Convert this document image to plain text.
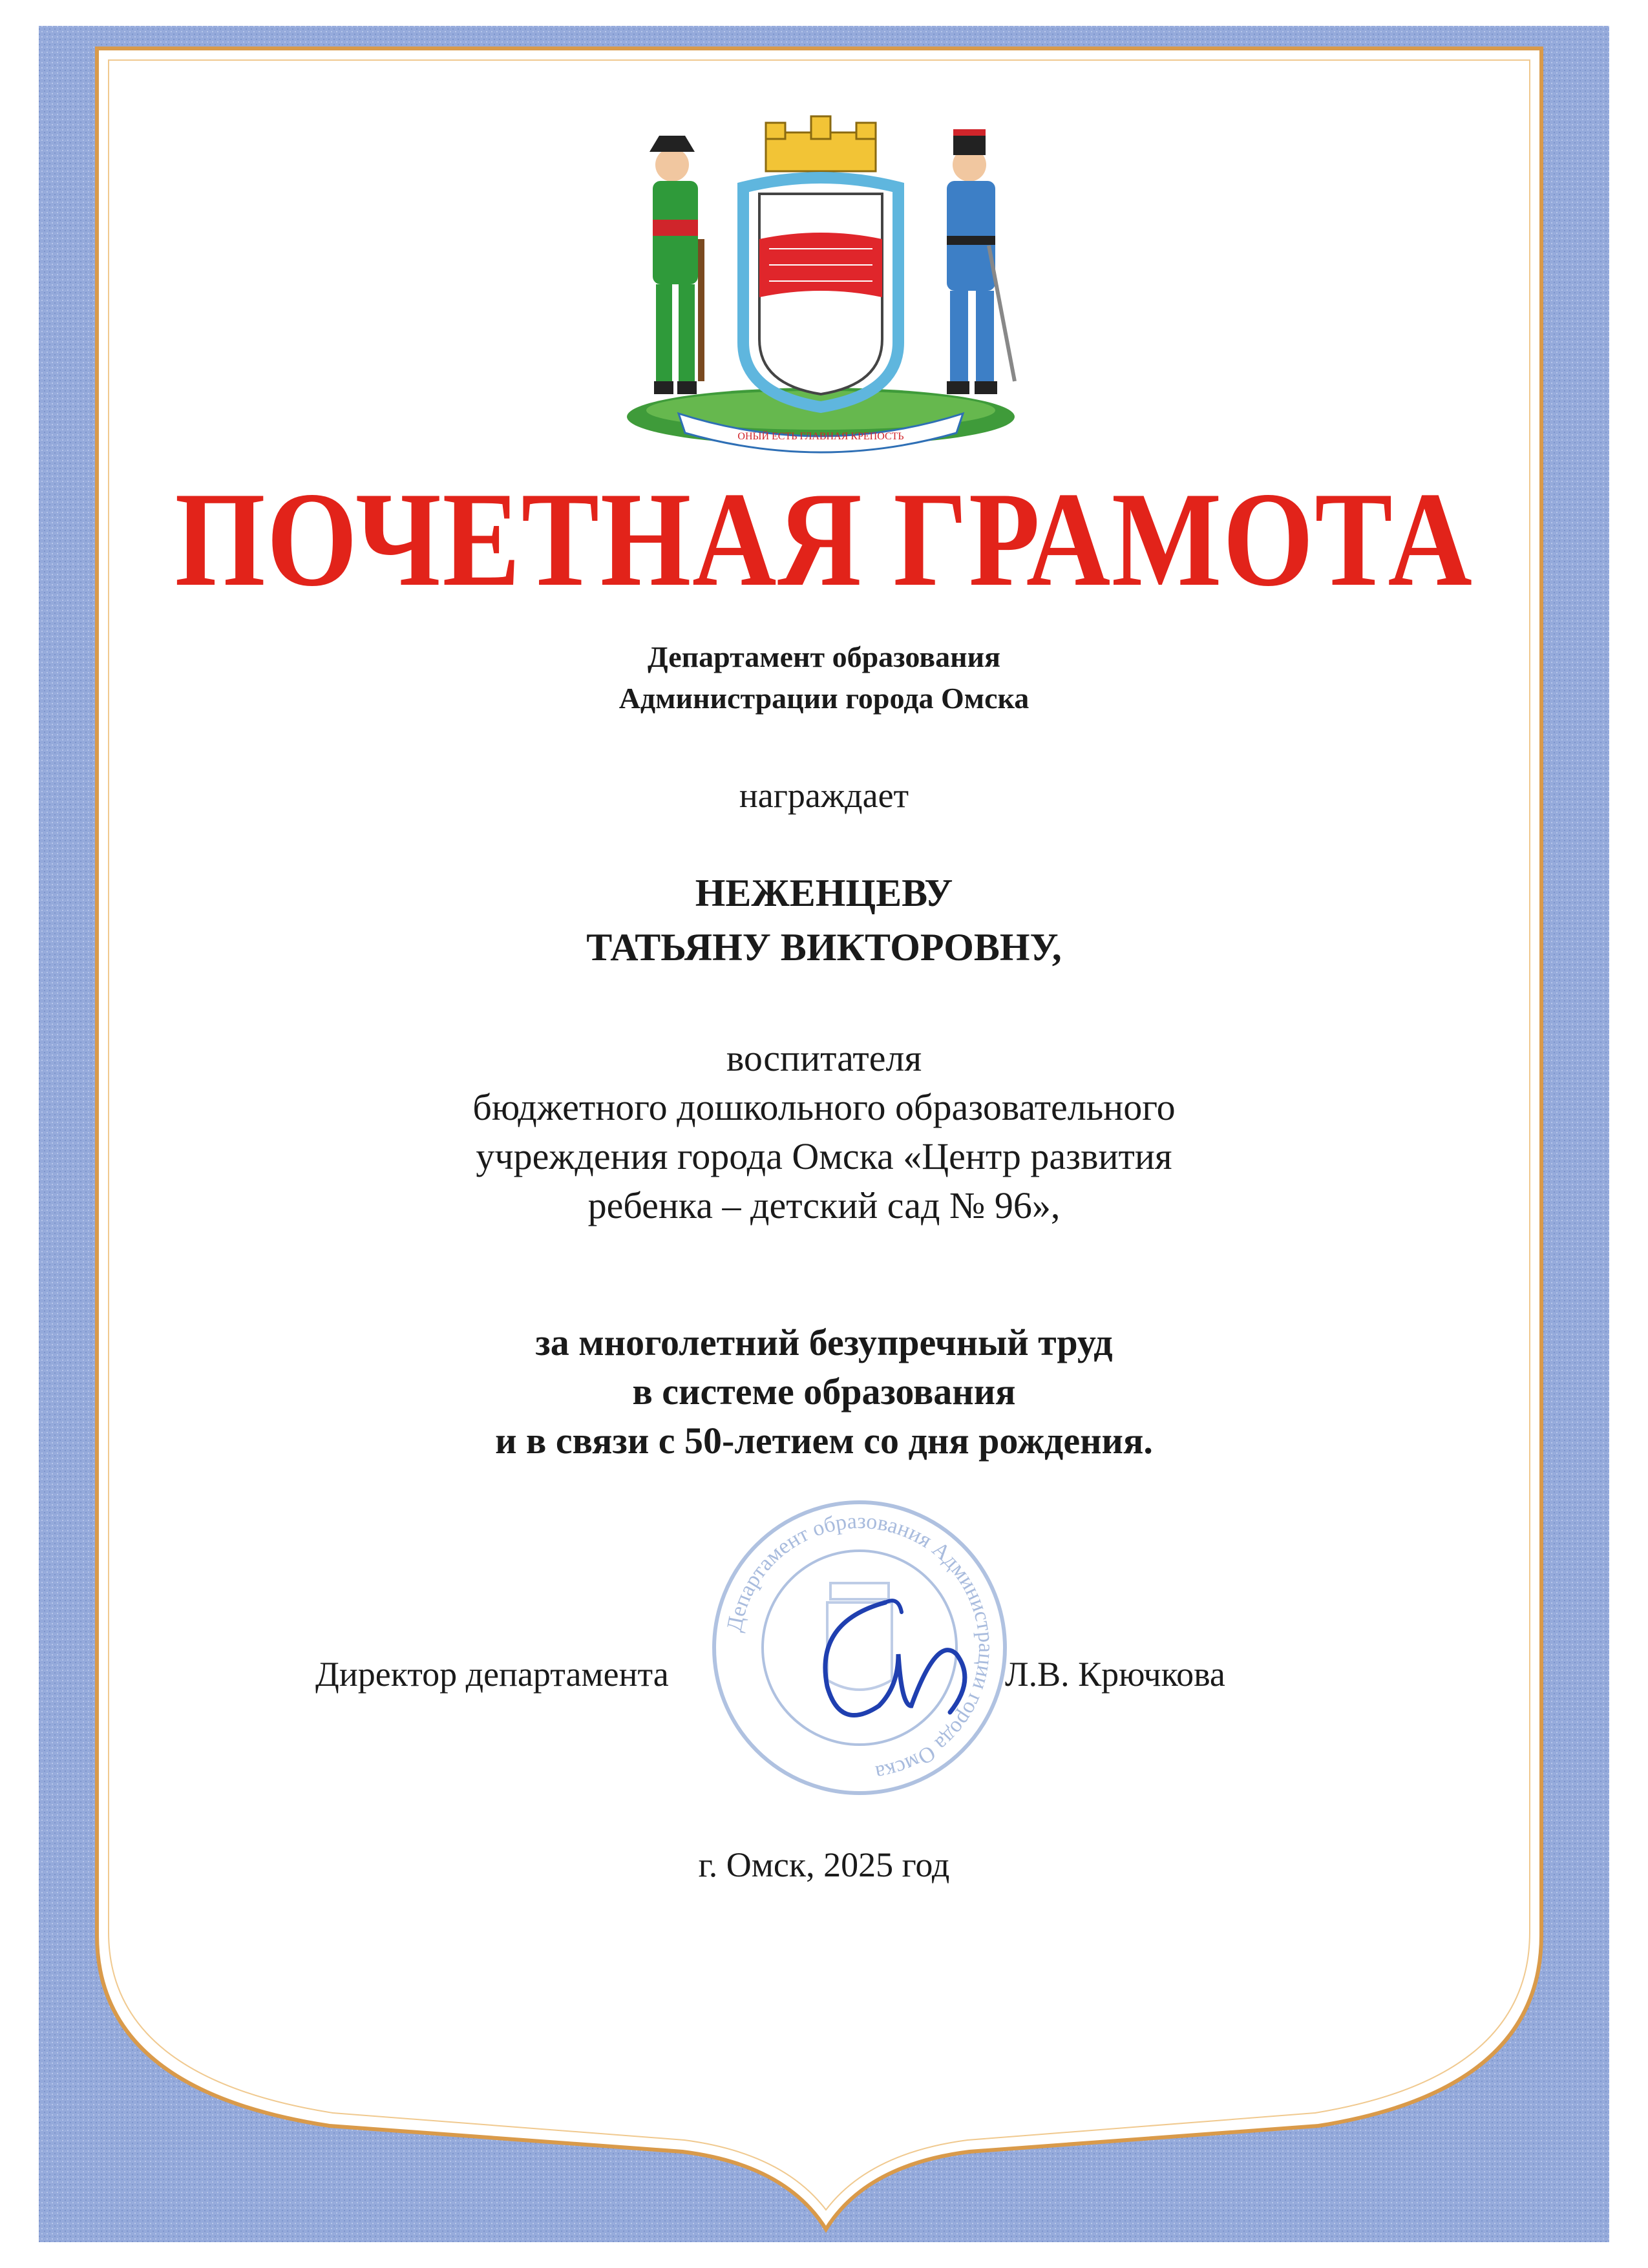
ОНЫЙ ЕСТЬ ГЛАВНАЯ КРЕПОСТЬ
ПОЧЕТНАЯ ГРАМОТА
Департамент образования
Администрации города Омска
награждает
НЕЖЕНЦЕВУ
ТАТЬЯНУ ВИКТОРОВНУ,
воспитателя
бюджетного дошкольного образовательного
учреждения города Омска «Центр развития
ребенка – детский сад № 96»,
за многолетний безупречный труд
в системе образования
и в связи с 50-летием со дня рождения.
Департамент образования Администрации города Омска
Директор департамента	Л.В. Крючкова
г. Омск, 2025 год
